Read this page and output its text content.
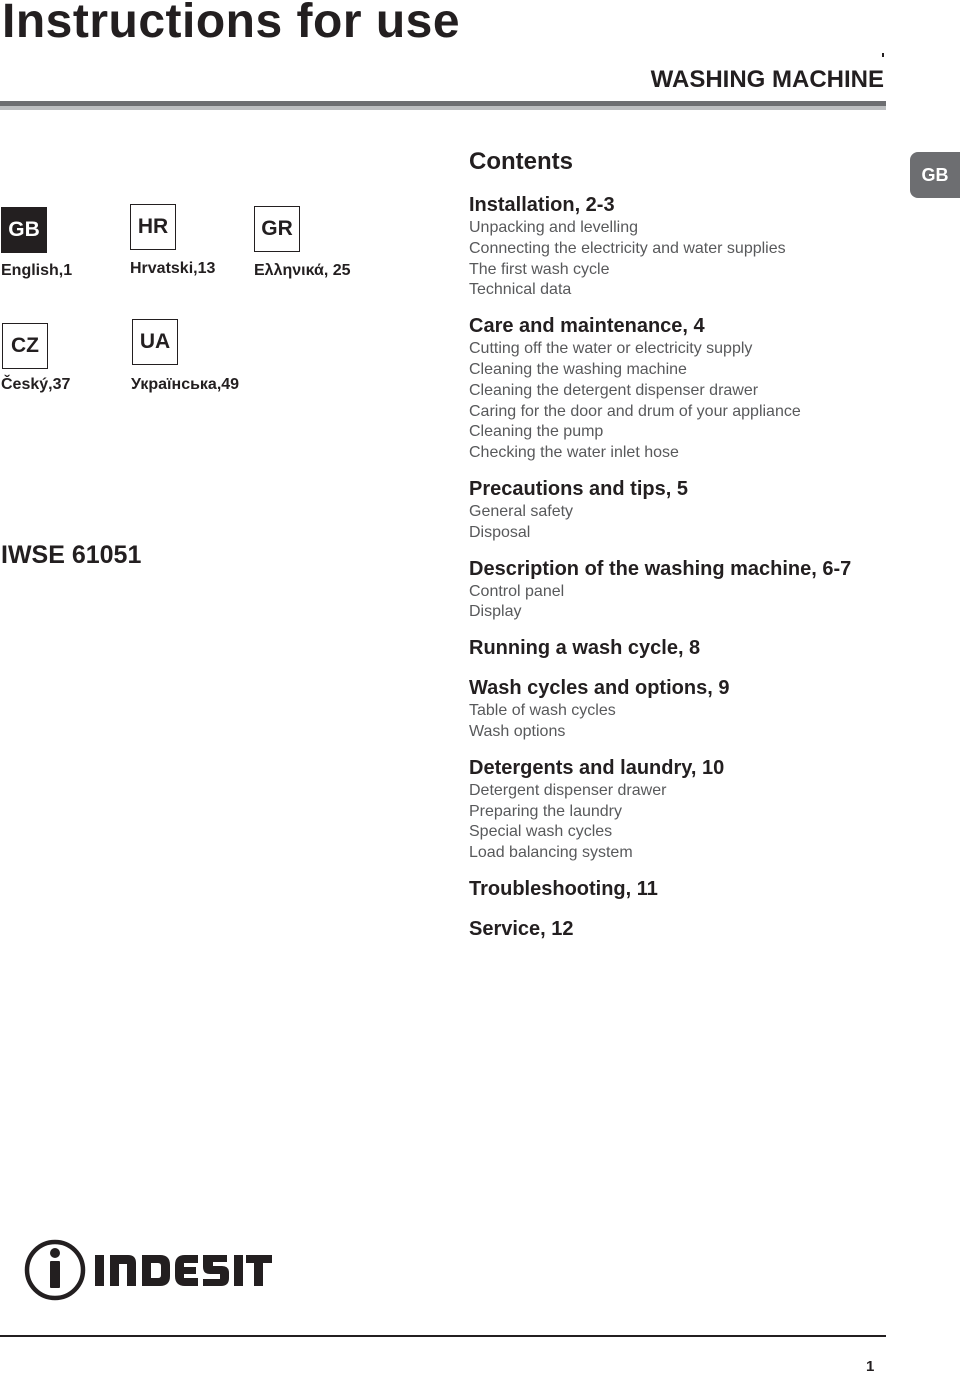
Instructions for use
WASHING MACHINE
GB
GB
English,1
HR
Hrvatski,13
GR
Ελληνικά, 25
CZ
Český,37
UA
Українська,49
IWSE 61051
Contents
Installation, 2-3
Unpacking and levelling
Connecting the electricity and water supplies
The first wash cycle
Technical data
Care and maintenance, 4
Cutting off the water or electricity supply
Cleaning the washing machine
Cleaning the detergent dispenser drawer
Caring for the door and drum of your appliance
Cleaning the pump
Checking the water inlet hose
Precautions and tips, 5
General safety
Disposal
Description of the washing machine, 6-7
Control panel
Display
Running a wash cycle, 8
Wash cycles and options, 9
Table of wash cycles
Wash options
Detergents and laundry, 10
Detergent dispenser drawer
Preparing the laundry
Special wash cycles
Load balancing system
Troubleshooting, 11
Service, 12
1
